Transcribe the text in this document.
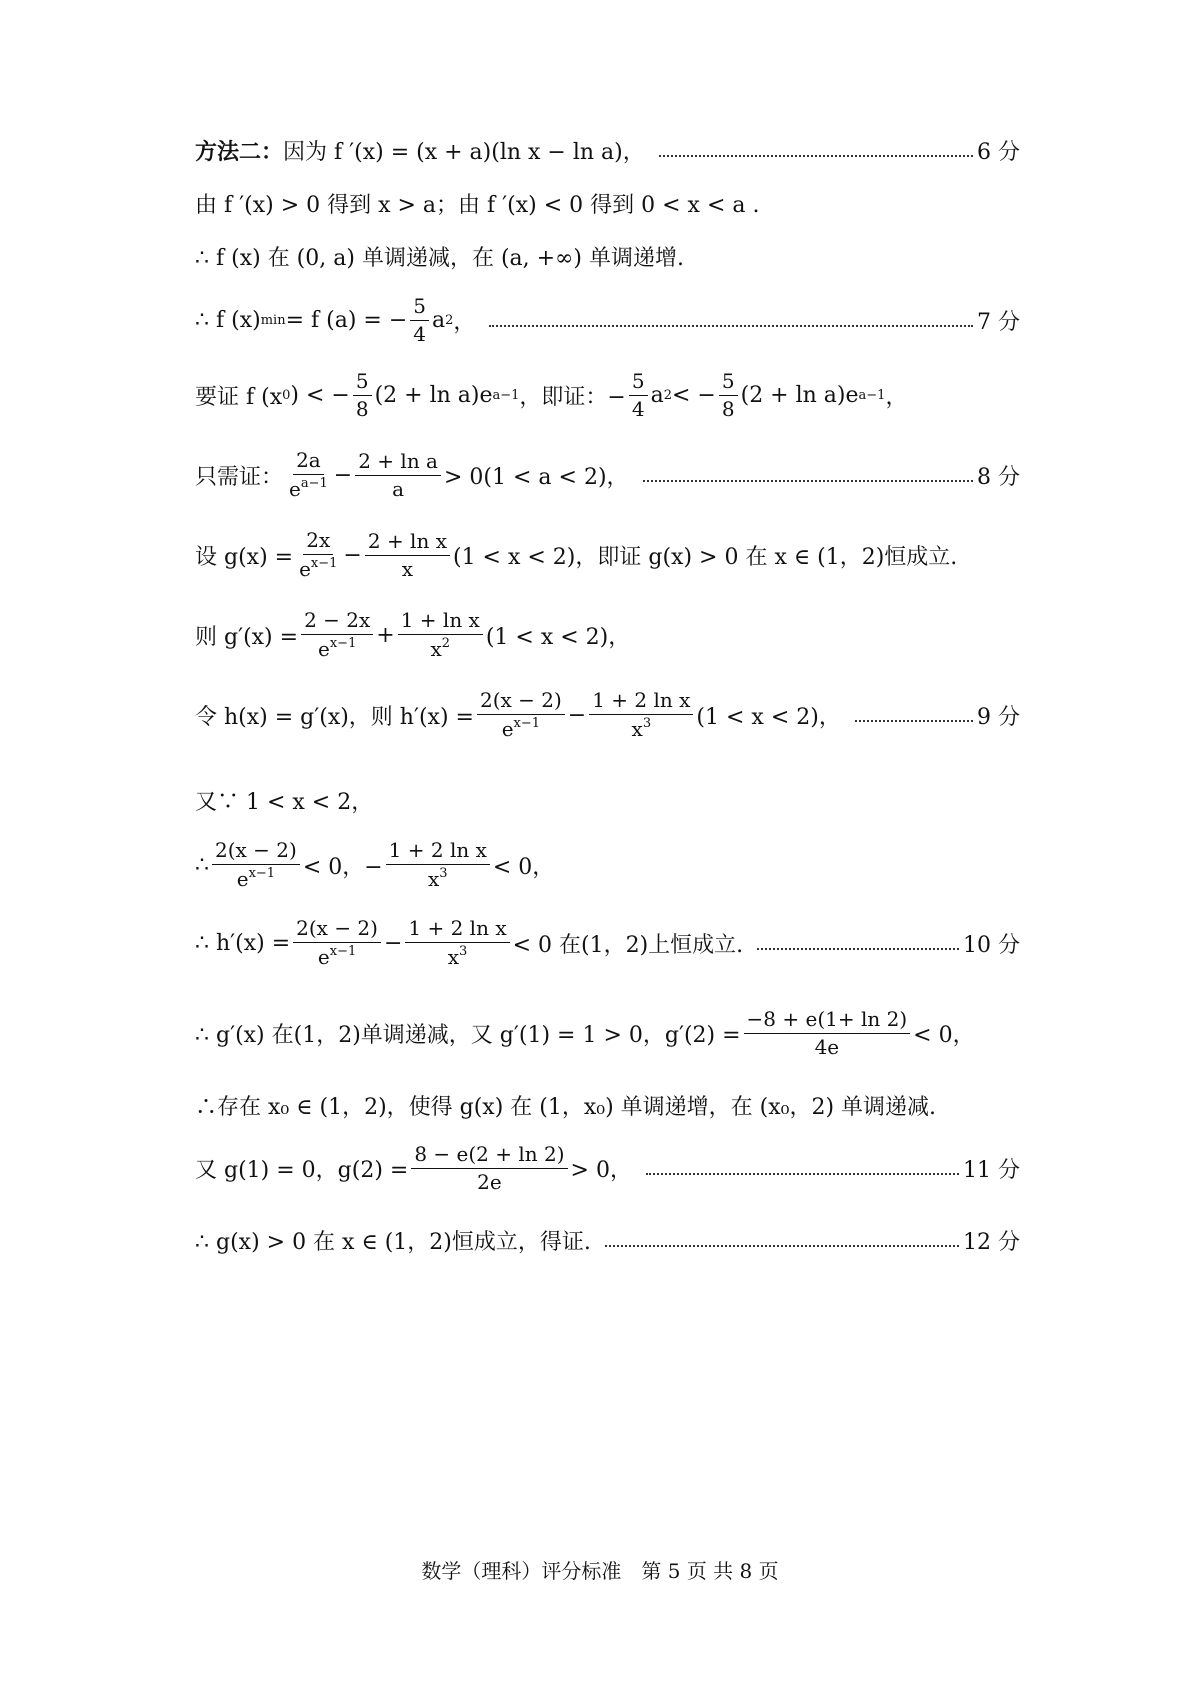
方法二： 因为 f ′(x) = (x + a)(ln x − ln a)，	6 分
由 f ′(x) > 0 得到 x > a；由 f ′(x) < 0 得到 0 < x < a .
∴ f (x) 在 (0, a) 单调递减，在 (a, +∞) 单调递增.
∴ f (x) min = f (a) = − $\frac{5}{4}$ a 2 ，	7 分
要证 f (x 0 ) < − $\frac{5}{8} (2 + \ln a)e$ a−1 ，即证：− $\frac{5}{4}$ a 2 < − $\frac{5}{8} (2 + \ln a)e$ a−1 ，
只需证： $\frac{2a}{e^{a-1}} - \frac{\text{2 + ln a}}{a} > 0(1 < a < 2)$，	8 分
设 $g(x) = \frac{2x}{e^{x-1}} - \frac{\text{2 + ln x}}{x} (1 < x < 2)$，即证 g(x) > 0 在 x ∈ (1，2)恒成立.
则 $g'(x) = \frac{2 - 2x}{e^{x-1}} + \frac{\text{1 + ln x}}{x^2} (1 < x < 2)$，
令 h(x) = g′(x)，则 $h'(x) = \frac{2(x - 2)}{e^{x-1}} - \frac{\text{1 + 2 ln x}}{x^3} (1 < x < 2)$，	9 分
又∵ 1 < x < 2，
∴ $\frac{2(x - 2)}{e^{x-1}} < 0$，− $\frac{\text{1 + 2 ln x}}{x^3} < 0$，
∴ $h'(x) = \frac{2(x - 2)}{e^{x-1}} - \frac{\text{1 + 2 ln x}}{x^3} < 0$ 在(1，2)上恒成立.	10 分
∴ g′(x) 在(1，2)单调递减，又 g′(1) = 1 > 0，$g'(2) = \frac{-8 + e(1+ \ln 2)}{4e} < 0$，
∴存在 x₀ ∈ (1，2)，使得 g(x) 在 (1，x₀) 单调递增，在 (x₀，2) 单调递减.
又 g(1) = 0，$g(2) = \frac{8 - e(2 + \ln 2)}{2e} > 0$，	11 分
∴ g(x) > 0 在 x ∈ (1，2)恒成立，得证.	12 分
数学（理科）评分标准　第 5 页 共 8 页
